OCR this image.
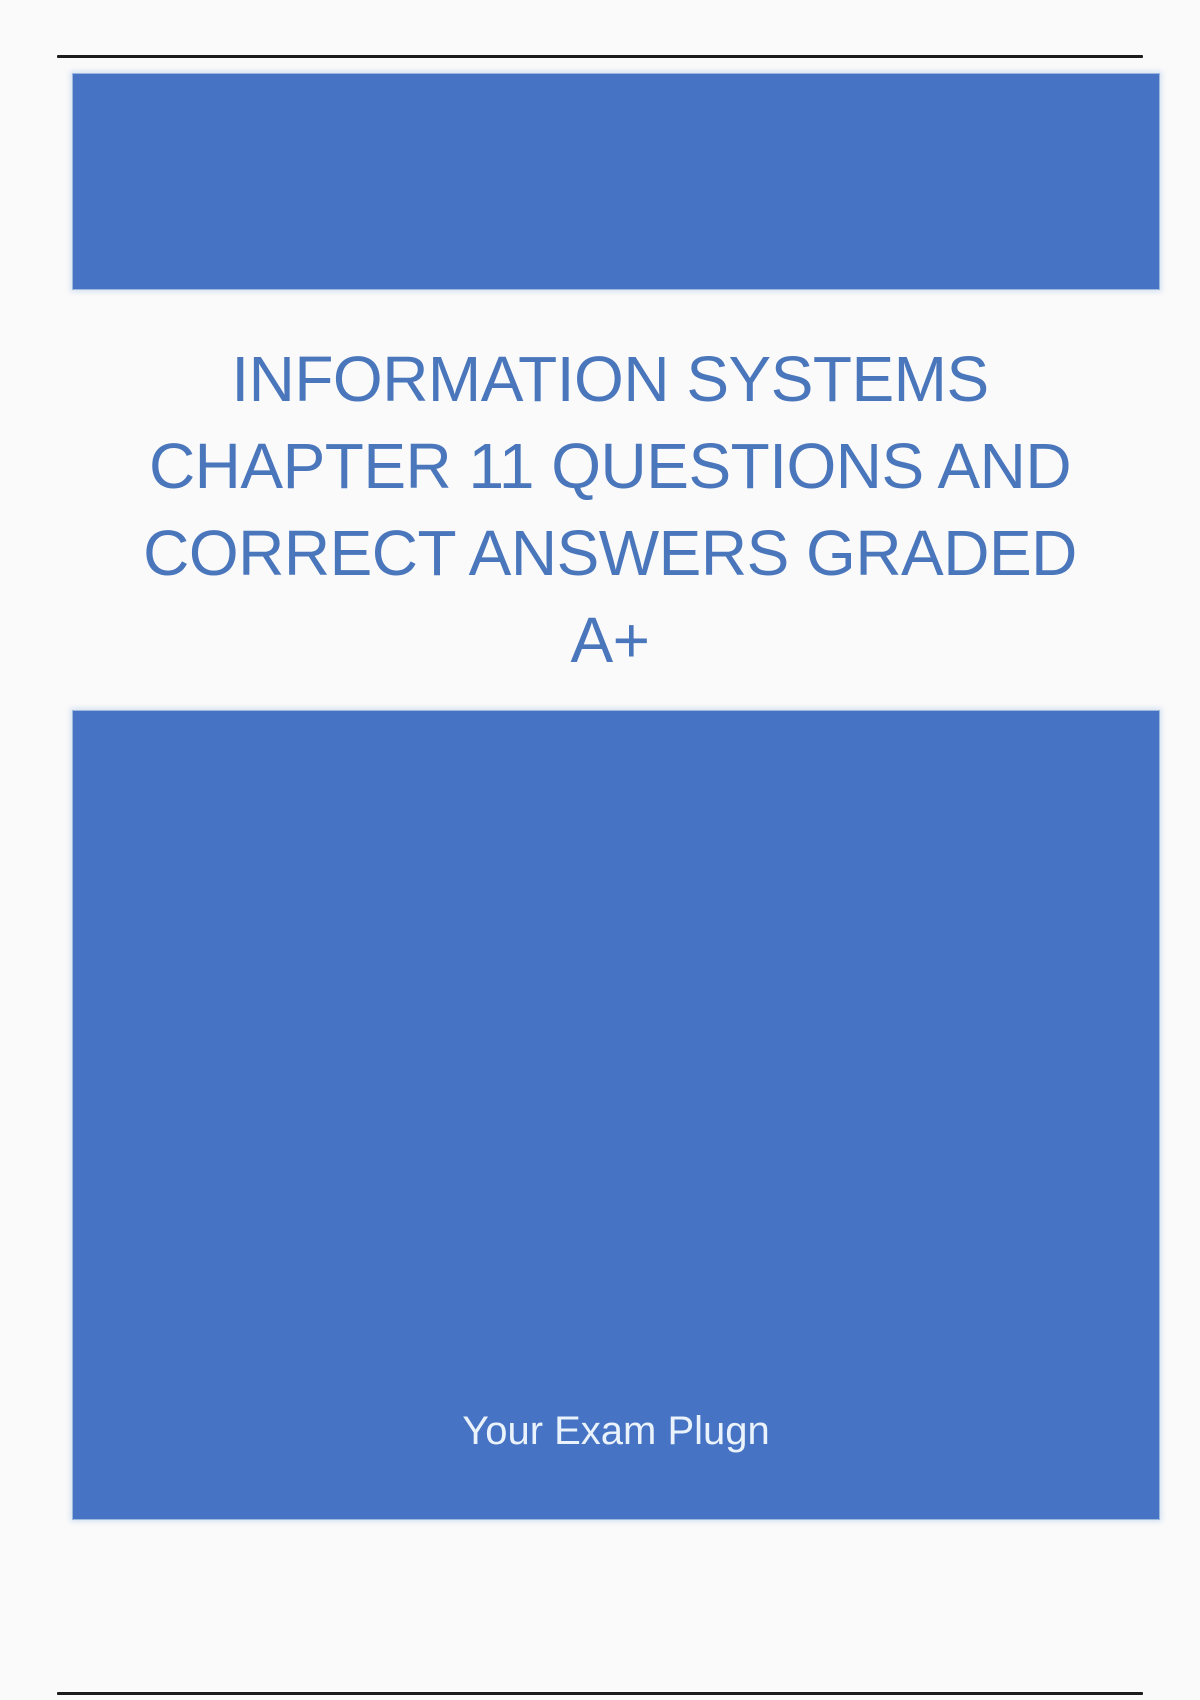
INFORMATION SYSTEMS
CHAPTER 11 QUESTIONS AND
CORRECT ANSWERS GRADED
A+
Your Exam Plugn
